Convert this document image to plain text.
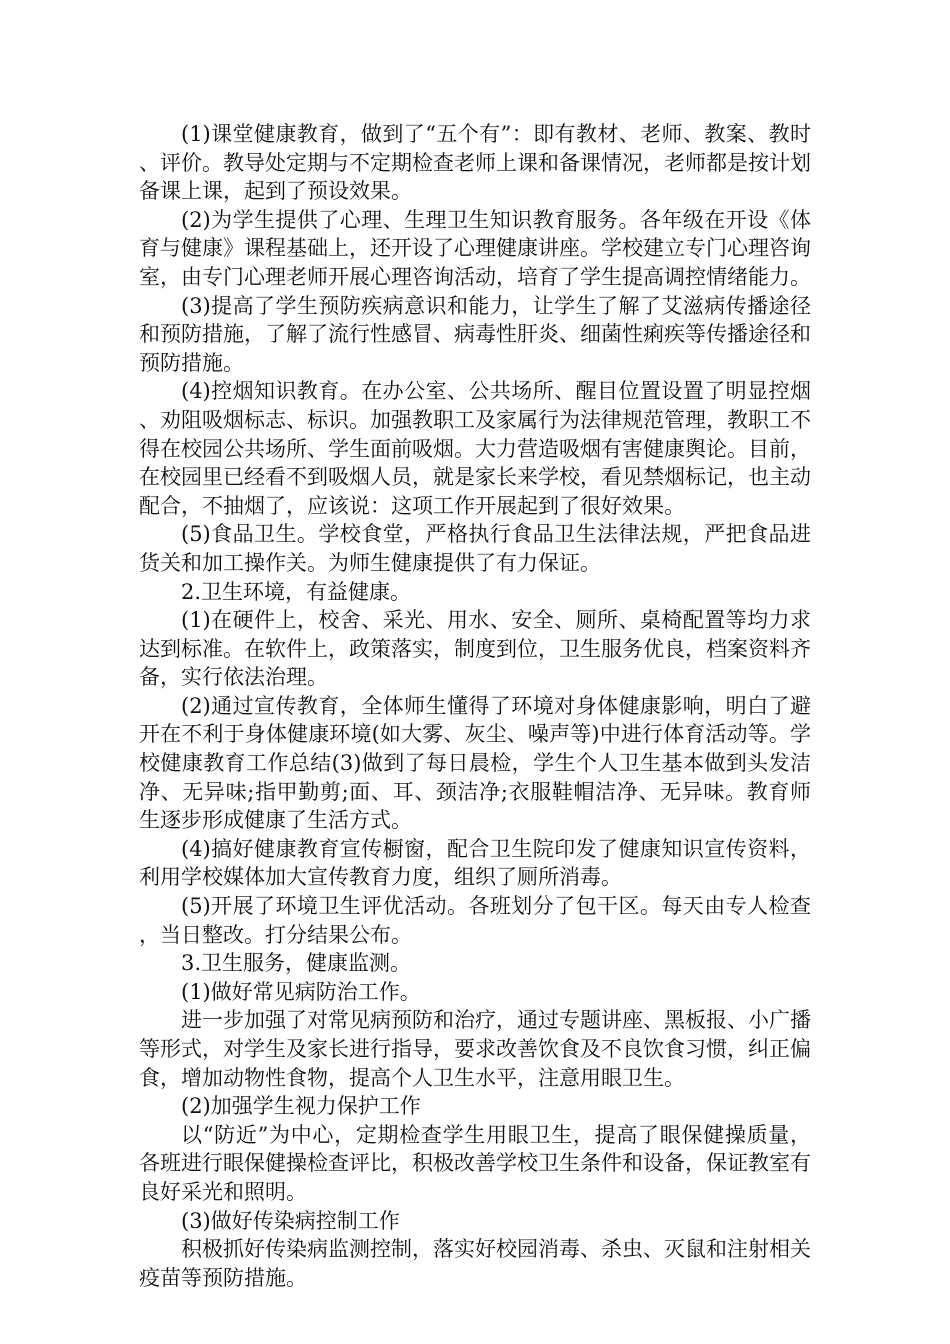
(1)课堂健康教育，做到了“五个有”：即有教材、老师、教案、教时、评价。教导处定期与不定期检查老师上课和备课情况，老师都是按计划备课上课，起到了预设效果。

(2)为学生提供了心理、生理卫生知识教育服务。各年级在开设《体育与健康》课程基础上，还开设了心理健康讲座。学校建立专门心理咨询室，由专门心理老师开展心理咨询活动，培育了学生提高调控情绪能力。

(3)提高了学生预防疾病意识和能力，让学生了解了艾滋病传播途径和预防措施，了解了流行性感冒、病毒性肝炎、细菌性痢疾等传播途径和预防措施。

(4)控烟知识教育。在办公室、公共场所、醒目位置设置了明显控烟、劝阻吸烟标志、标识。加强教职工及家属行为法律规范管理，教职工不得在校园公共场所、学生面前吸烟。大力营造吸烟有害健康舆论。目前，在校园里已经看不到吸烟人员，就是家长来学校，看见禁烟标记，也主动配合，不抽烟了，应该说：这项工作开展起到了很好效果。

(5)食品卫生。学校食堂，严格执行食品卫生法律法规，严把食品进货关和加工操作关。为师生健康提供了有力保证。

2.卫生环境，有益健康。

(1)在硬件上，校舍、采光、用水、安全、厕所、桌椅配置等均力求达到标准。在软件上，政策落实，制度到位，卫生服务优良，档案资料齐备，实行依法治理。

(2)通过宣传教育，全体师生懂得了环境对身体健康影响，明白了避开在不利于身体健康环境(如大雾、灰尘、噪声等)中进行体育活动等。学校健康教育工作总结(3)做到了每日晨检，学生个人卫生基本做到头发洁净、无异味;指甲勤剪;面、耳、颈洁净;衣服鞋帽洁净、无异味。教育师生逐步形成健康了生活方式。

(4)搞好健康教育宣传橱窗，配合卫生院印发了健康知识宣传资料，利用学校媒体加大宣传教育力度，组织了厕所消毒。

(5)开展了环境卫生评优活动。各班划分了包干区。每天由专人检查，当日整改。打分结果公布。

3.卫生服务，健康监测。

(1)做好常见病防治工作。

进一步加强了对常见病预防和治疗，通过专题讲座、黑板报、小广播等形式，对学生及家长进行指导，要求改善饮食及不良饮食习惯，纠正偏食，增加动物性食物，提高个人卫生水平，注意用眼卫生。

(2)加强学生视力保护工作

以“防近”为中心，定期检查学生用眼卫生，提高了眼保健操质量，各班进行眼保健操检查评比，积极改善学校卫生条件和设备，保证教室有良好采光和照明。

(3)做好传染病控制工作

积极抓好传染病监测控制，落实好校园消毒、杀虫、灭鼠和注射相关疫苗等预防措施。
